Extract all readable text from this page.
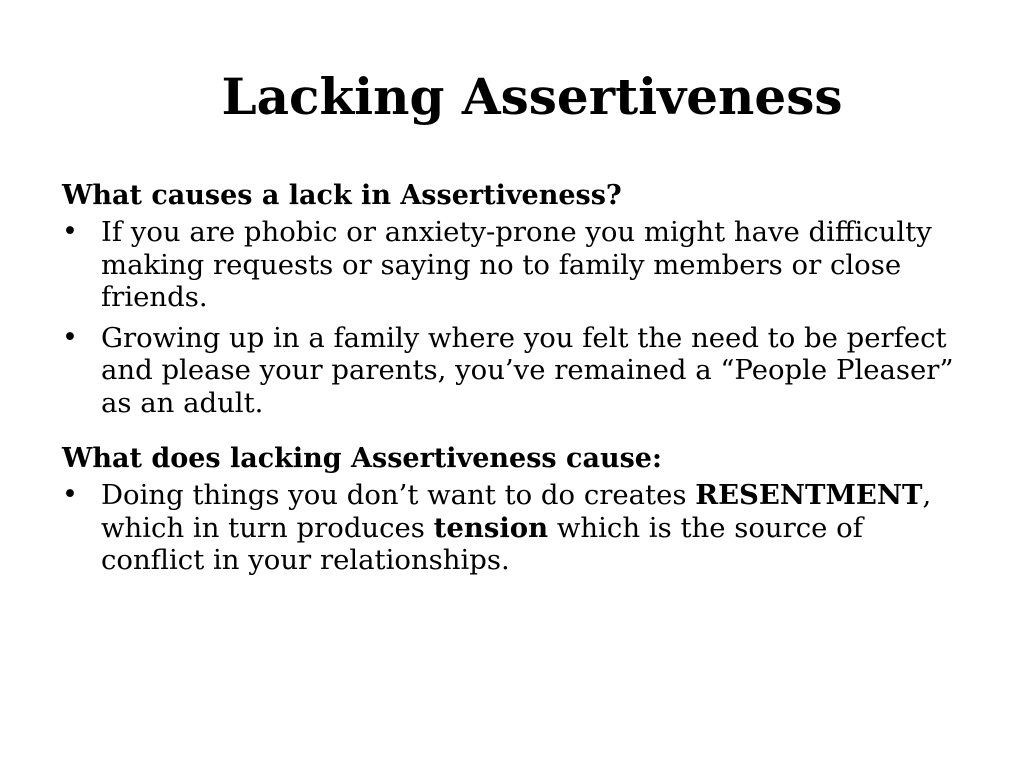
Lacking Assertiveness

What causes a lack in Assertiveness?

• If you are phobic or anxiety-prone you might have difficulty making requests or saying no to family members or close friends.
• Growing up in a family where you felt the need to be perfect and please your parents, you’ve remained a “People Pleaser” as an adult.

What does lacking Assertiveness cause:

• Doing things you don’t want to do creates RESENTMENT, which in turn produces tension which is the source of conflict in your relationships.
